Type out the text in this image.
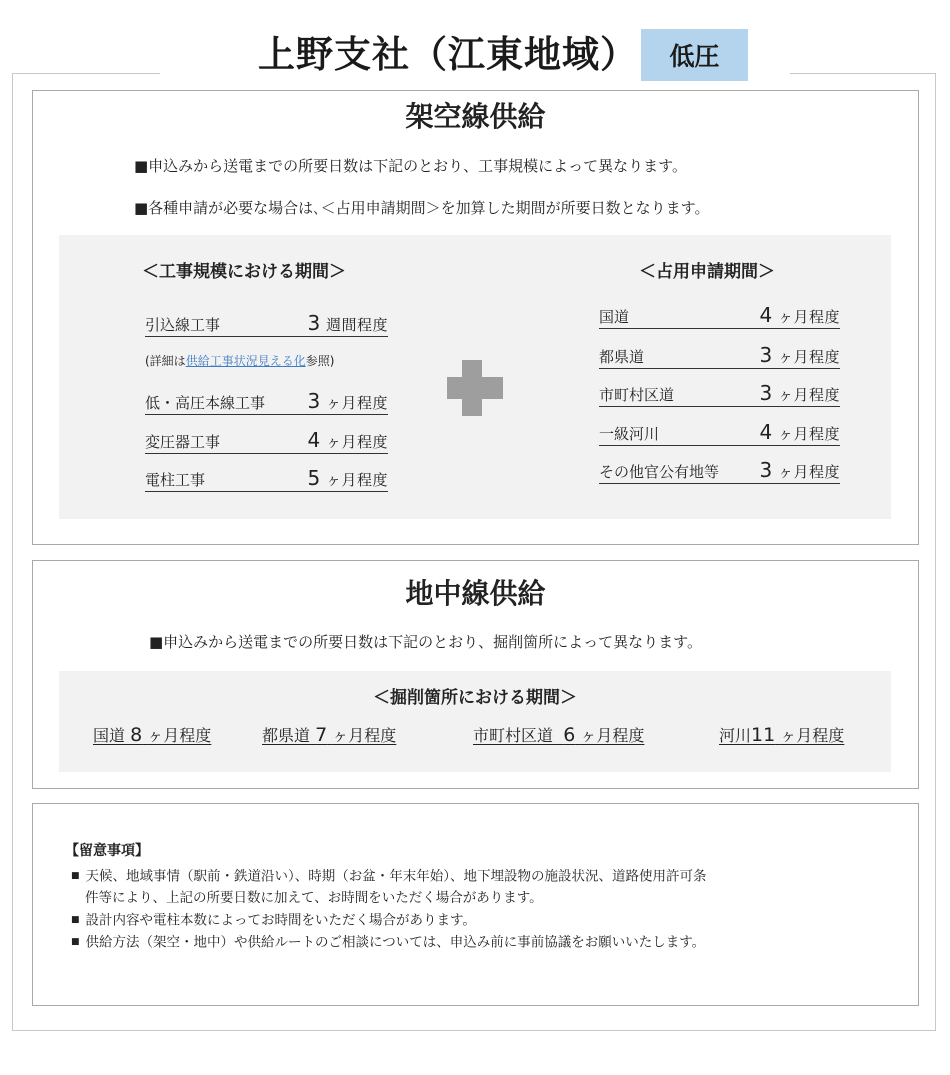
上野支社（江東地域）	低圧
架空線供給
■申込みから送電までの所要日数は下記のとおり、工事規模によって異なります。
■各種申請が必要な場合は､＜占用申請期間＞を加算した期間が所要日数となります。
＜工事規模における期間＞
引込線工事	3 週間程度
(詳細は供給工事状況見える化参照)
低・高圧本線工事 3 ヶ月程度
変圧器工事	4 ヶ月程度
電柱工事	5 ヶ月程度
＜占用申請期間＞
国道	4 ヶ月程度
都県道	3 ヶ月程度
市町村区道	3 ヶ月程度
一級河川	4 ヶ月程度
その他官公有地等 3 ヶ月程度
地中線供給
■申込みから送電までの所要日数は下記のとおり、掘削箇所によって異なります。
＜掘削箇所における期間＞
国道 8 ヶ月程度	都県道 7 ヶ月程度	市町村区道 6 ヶ月程度	河川11 ヶ月程度
【留意事項】
■ 天候、地域事情（駅前・鉄道沿い）、時期（お盆・年末年始）、地下埋設物の施設状況、道路使用許可条
件等により、上記の所要日数に加えて、お時間をいただく場合があります。
■ 設計内容や電柱本数によってお時間をいただく場合があります。
■ 供給方法（架空・地中）や供給ルートのご相談については、申込み前に事前協議をお願いいたします。
